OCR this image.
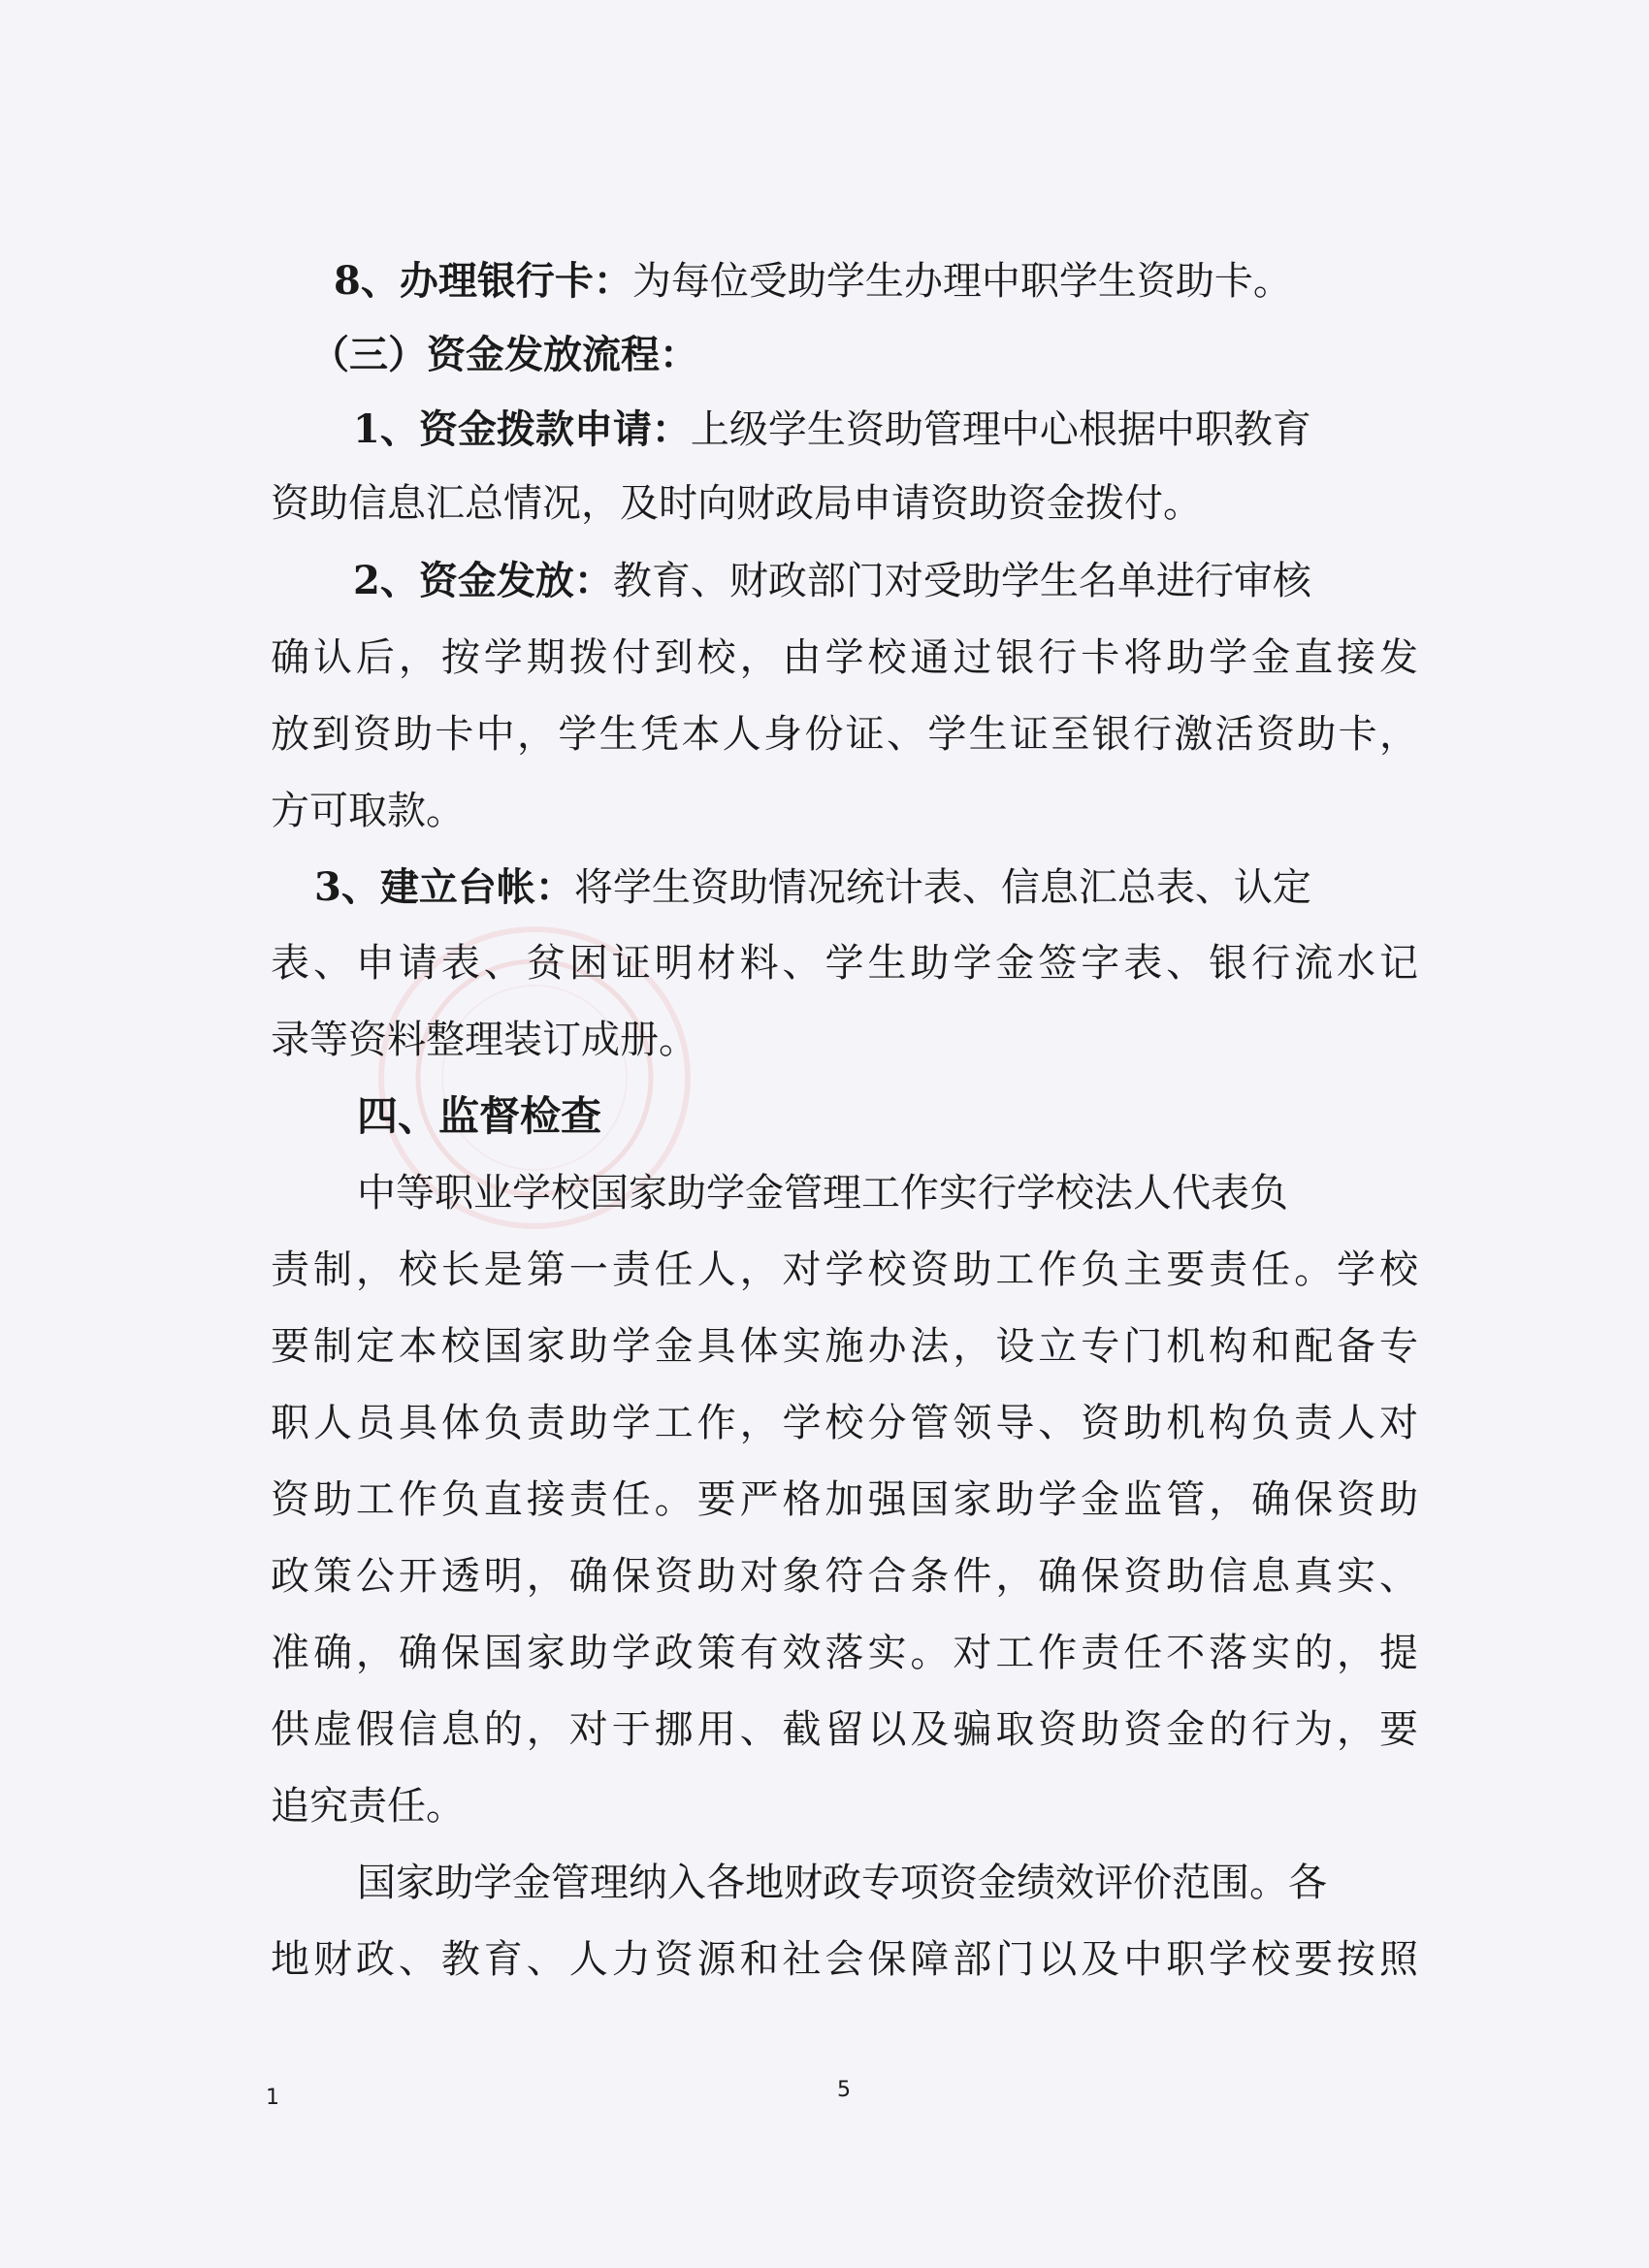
8、办理银行卡：为每位受助学生办理中职学生资助卡。

（三）资金发放流程：

1、资金拨款申请：上级学生资助管理中心根据中职教育

资助信息汇总情况，及时向财政局申请资助资金拨付。

2、资金发放：教育、财政部门对受助学生名单进行审核

确认后，按学期拨付到校，由学校通过银行卡将助学金直接发

放到资助卡中，学生凭本人身份证、学生证至银行激活资助卡，

方可取款。

3、建立台帐：将学生资助情况统计表、信息汇总表、认定

表、申请表、贫困证明材料、学生助学金签字表、银行流水记

录等资料整理装订成册。

四、监督检查

中等职业学校国家助学金管理工作实行学校法人代表负

责制，校长是第一责任人，对学校资助工作负主要责任。学校

要制定本校国家助学金具体实施办法，设立专门机构和配备专

职人员具体负责助学工作，学校分管领导、资助机构负责人对

资助工作负直接责任。要严格加强国家助学金监管，确保资助

政策公开透明，确保资助对象符合条件，确保资助信息真实、

准确，确保国家助学政策有效落实。对工作责任不落实的，提

供虚假信息的，对于挪用、截留以及骗取资助资金的行为，要

追究责任。

国家助学金管理纳入各地财政专项资金绩效评价范围。各

地财政、教育、人力资源和社会保障部门以及中职学校要按照

1	5
